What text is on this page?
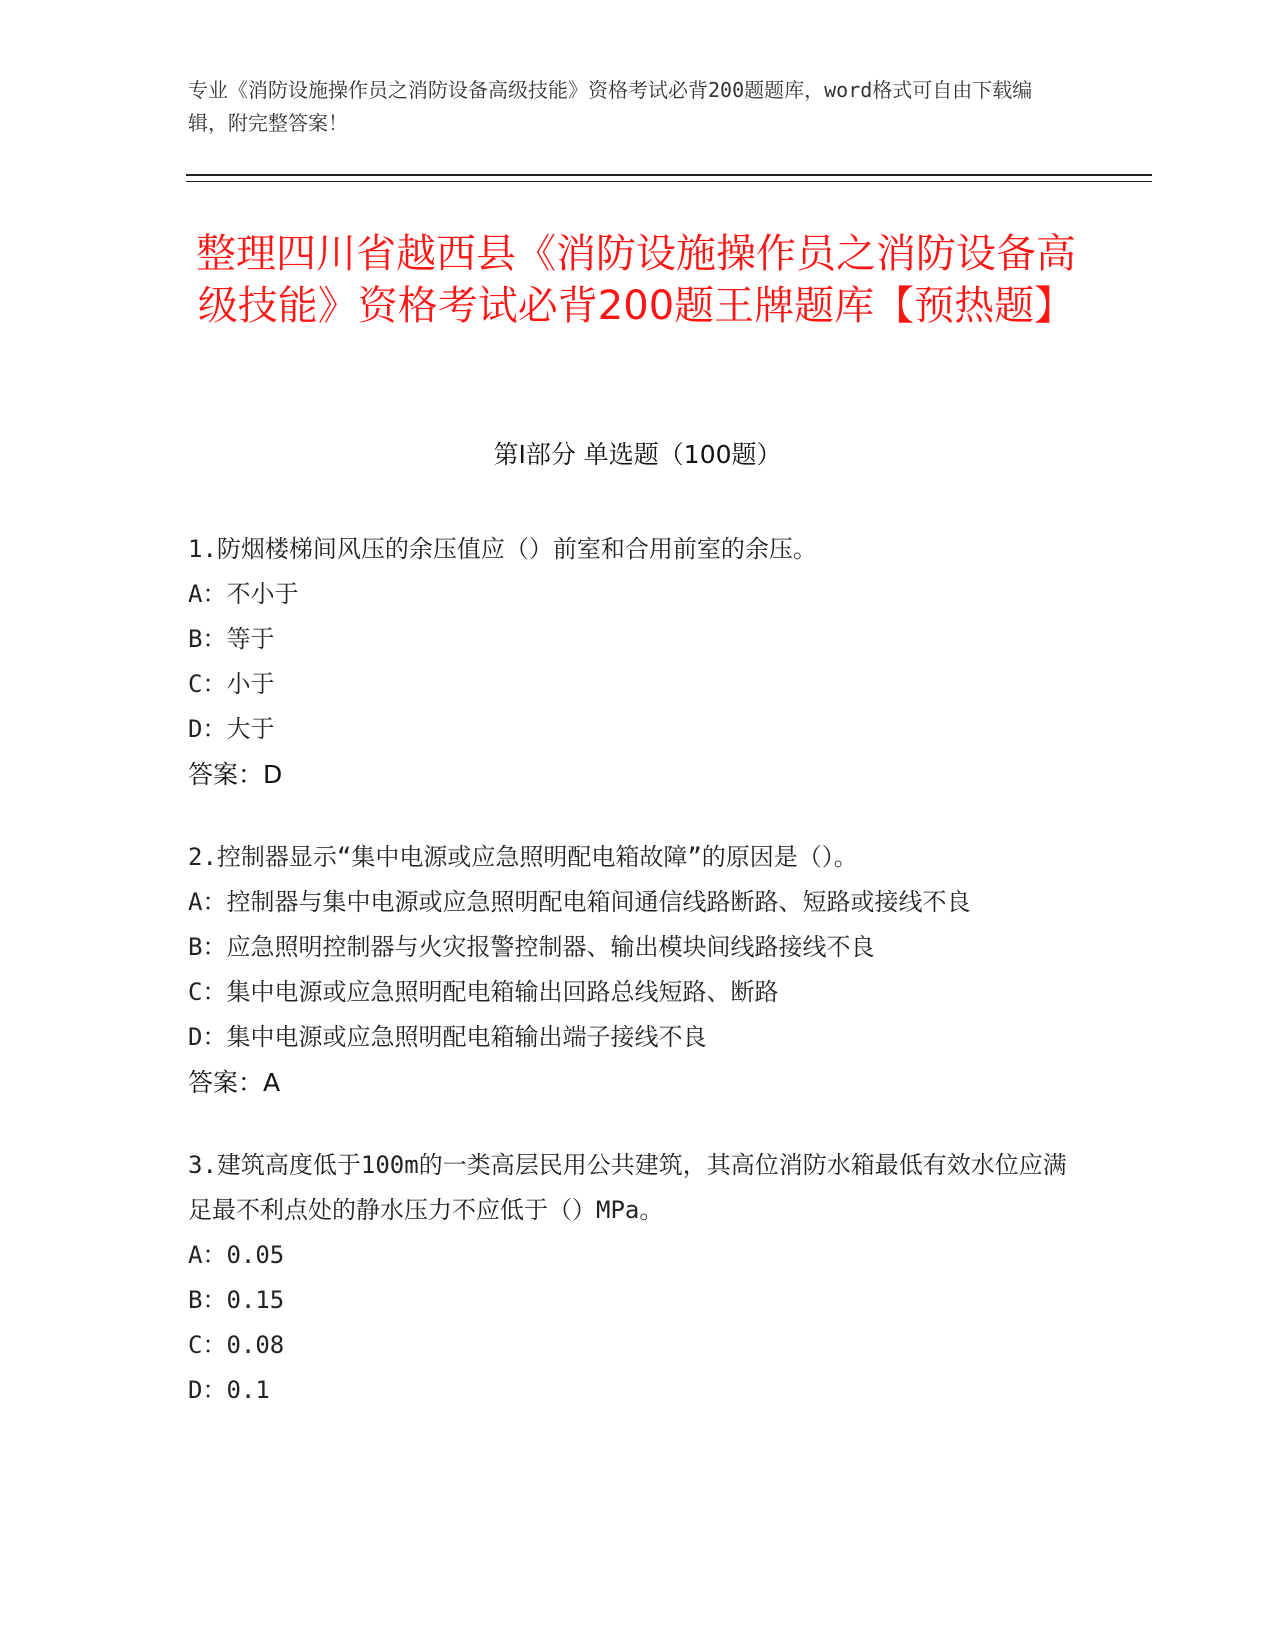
专业《消防设施操作员之消防设备高级技能》资格考试必背200题题库，word格式可自由下载编辑，附完整答案！
整理四川省越西县《消防设施操作员之消防设备高级技能》资格考试必背200题王牌题库【预热题】
第I部分 单选题（100题）

1.防烟楼梯间风压的余压值应（）前室和合用前室的余压。

A：不小于

B：等于

C：小于

D：大于

答案：D

2.控制器显示“集中电源或应急照明配电箱故障”的原因是（）。

A：控制器与集中电源或应急照明配电箱间通信线路断路、短路或接线不良

B：应急照明控制器与火灾报警控制器、输出模块间线路接线不良

C：集中电源或应急照明配电箱输出回路总线短路、断路

D：集中电源或应急照明配电箱输出端子接线不良

答案：A

3.建筑高度低于100m的一类高层民用公共建筑，其高位消防水箱最低有效水位应满足最不利点处的静水压力不应低于（）MPa。

A：0.05

B：0.15

C：0.08

D：0.1
